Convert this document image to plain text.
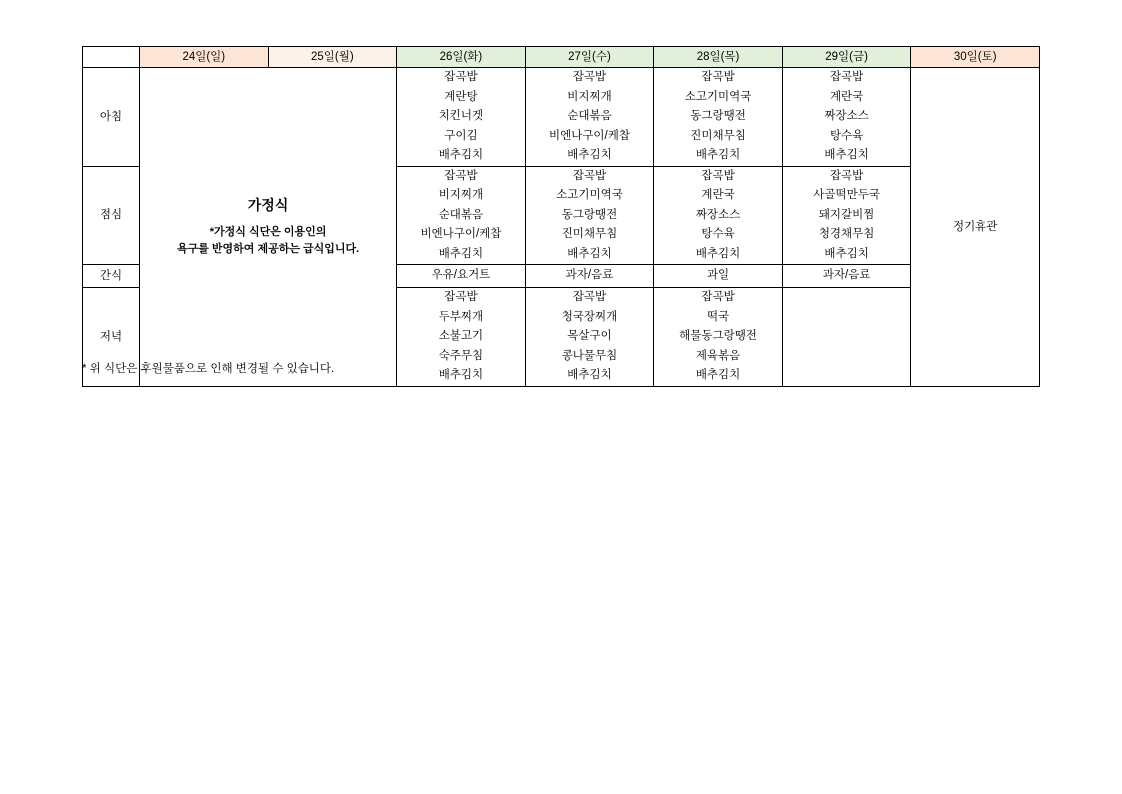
	24일(일)	25일(월)	26일(화)	27일(수)	28일(목)	29일(금)	30일(토)
아침	가정식
*가정식 식단은 이용인의
욕구를 반영하여 제공하는 급식입니다.		잡곡밥
계란탕
치킨너겟
구이김
배추김치	잡곡밥
비지찌개
순대볶음
비엔나구이/케찹
배추김치	잡곡밥
소고기미역국
동그랑땡전
진미채무침
배추김치	잡곡밥
계란국
짜장소스
탕수육
배추김치	정기휴관
점심			잡곡밥
비지찌개
순대볶음
비엔나구이/케찹
배추김치	잡곡밥
소고기미역국
동그랑땡전
진미채무침
배추김치	잡곡밥
계란국
짜장소스
탕수육
배추김치	잡곡밥
사골떡만두국
돼지갈비찜
청경채무침
배추김치	

간식			우유/요거트	과자/음료	과일	과자/음료	

저녁			잡곡밥
두부찌개
소불고기
숙주무침
배추김치	잡곡밥
청국장찌개
목살구이
콩나물무침
배추김치	잡곡밥
떡국
해물동그랑땡전
제육볶음
배추김치		

* 위 식단은 후원물품으로 인해 변경될 수 있습니다.
